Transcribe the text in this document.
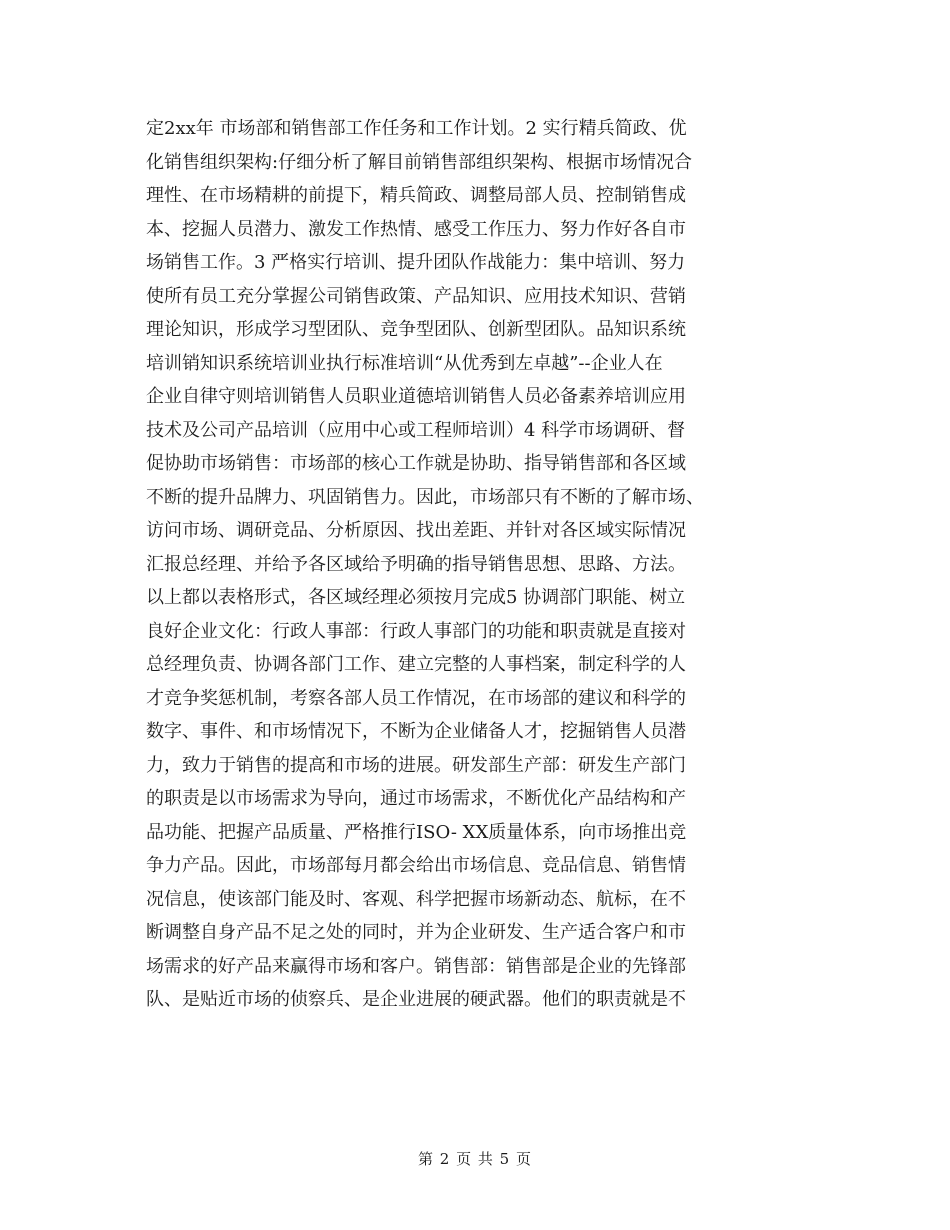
定2xx年 市场部和销售部工作任务和工作计划。2 实行精兵简政、优
化销售组织架构:仔细分析了解目前销售部组织架构、根据市场情况合
理性、在市场精耕的前提下，精兵简政、调整局部人员、控制销售成
本、挖掘人员潜力、激发工作热情、感受工作压力、努力作好各自市
场销售工作。3 严格实行培训、提升团队作战能力：集中培训、努力
使所有员工充分掌握公司销售政策、产品知识、应用技术知识、营销
理论知识，形成学习型团队、竞争型团队、创新型团队。品知识系统
培训销知识系统培训业执行标准培训“从优秀到左卓越”--企业人在
企业自律守则培训销售人员职业道德培训销售人员必备素养培训应用
技术及公司产品培训（应用中心或工程师培训）4 科学市场调研、督
促协助市场销售：市场部的核心工作就是协助、指导销售部和各区域
不断的提升品牌力、巩固销售力。因此，市场部只有不断的了解市场、
访问市场、调研竞品、分析原因、找出差距、并针对各区域实际情况
汇报总经理、并给予各区域给予明确的指导销售思想、思路、方法。
以上都以表格形式，各区域经理必须按月完成5 协调部门职能、树立
良好企业文化：行政人事部：行政人事部门的功能和职责就是直接对
总经理负责、协调各部门工作、建立完整的人事档案，制定科学的人
才竞争奖惩机制，考察各部人员工作情况，在市场部的建议和科学的
数字、事件、和市场情况下，不断为企业储备人才，挖掘销售人员潜
力，致力于销售的提高和市场的进展。研发部生产部：研发生产部门
的职责是以市场需求为导向，通过市场需求，不断优化产品结构和产
品功能、把握产品质量、严格推行ISO- XX质量体系，向市场推出竞
争力产品。因此，市场部每月都会给出市场信息、竞品信息、销售情
况信息，使该部门能及时、客观、科学把握市场新动态、航标，在不
断调整自身产品不足之处的同时，并为企业研发、生产适合客户和市
场需求的好产品来赢得市场和客户。销售部：销售部是企业的先锋部
队、是贴近市场的侦察兵、是企业进展的硬武器。他们的职责就是不
第 2 页 共 5 页
